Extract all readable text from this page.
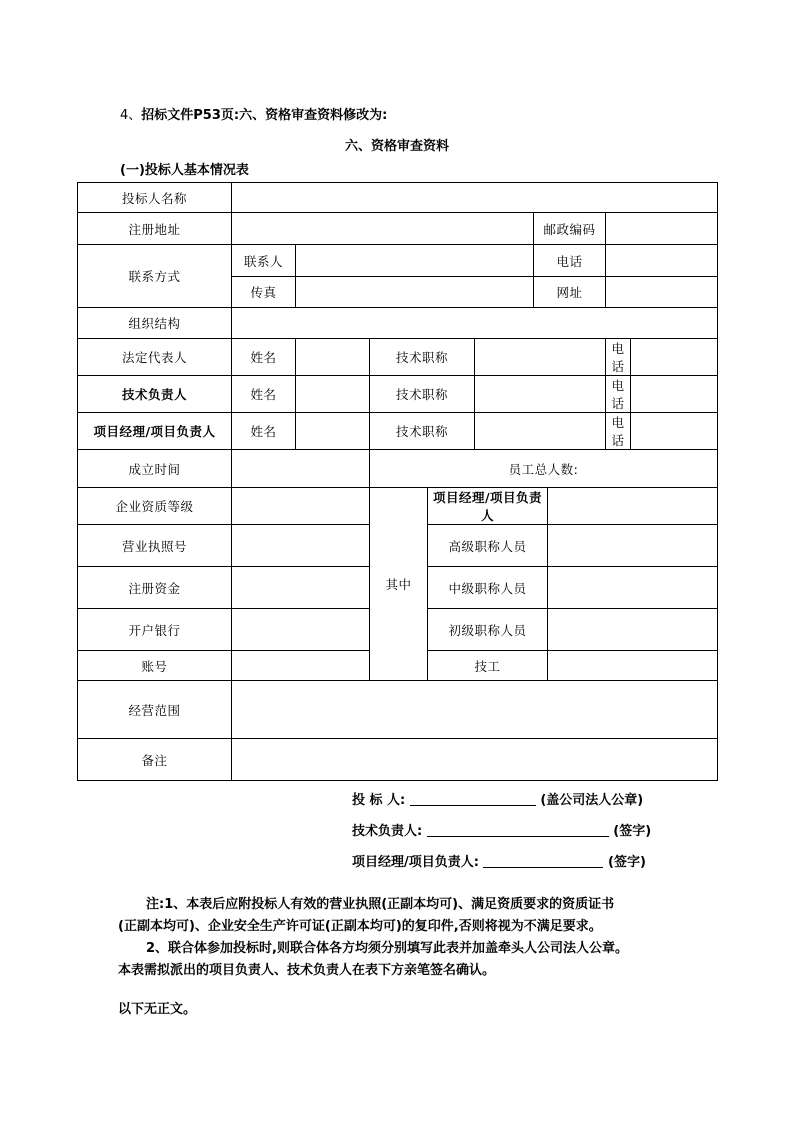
4、招标文件P53页:六、资格审查资料修改为:
六、资格审查资料
(一)投标人基本情况表
投标人名称									
注册地址						邮政编码			
联系方式	联系人					电话			
	传真					网址			
组织结构									
法定代表人	姓名		技术职称					电话	
技术负责人	姓名		技术职称					电话	
项目经理/项目负责人	姓名		技术职称					电话	
成立时间			员工总人数:						
企业资质等级			其中	项目经理/项目负责人					
营业执照号				高级职称人员					
注册资金				中级职称人员					
开户银行				初级职称人员					
账号				技工					
经营范围									
备注									
投 标 人:	(盖公司法人公章)
技术负责人:	(签字)
项目经理/项目负责人:	(签字)
注:1、本表后应附投标人有效的营业执照(正副本均可)、满足资质要求的资质证书
(正副本均可)、企业安全生产许可证(正副本均可)的复印件,否则将视为不满足要求。
2、联合体参加投标时,则联合体各方均须分别填写此表并加盖牵头人公司法人公章。
本表需拟派出的项目负责人、技术负责人在表下方亲笔签名确认。
以下无正文。
